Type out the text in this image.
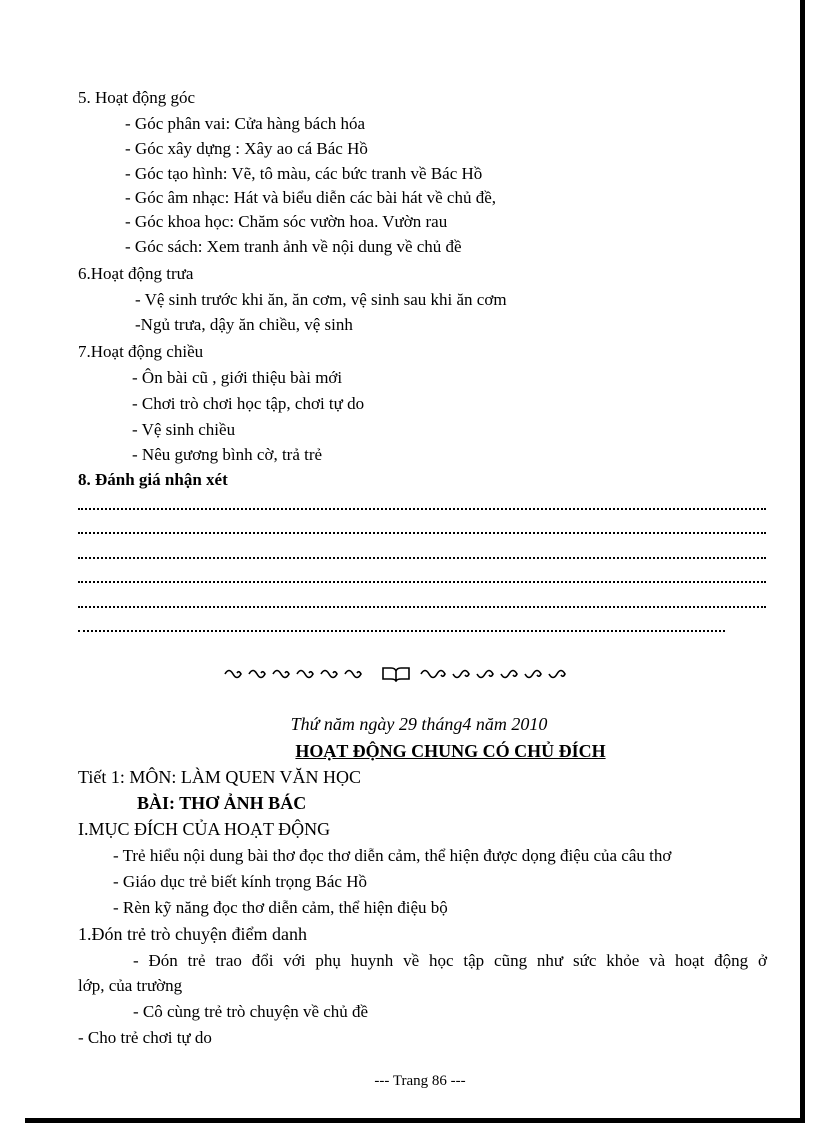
5. Hoạt động góc
- Góc phân vai: Cửa hàng bách hóa
- Góc xây dựng : Xây ao cá Bác Hồ
- Góc tạo hình: Vẽ, tô màu, các bức tranh về Bác Hồ
- Góc âm nhạc: Hát và biểu diễn các bài hát về chủ đề,
- Góc khoa học: Chăm sóc vườn hoa. Vườn rau
- Góc sách: Xem tranh ảnh về nội dung về chủ đề
6.Hoạt động trưa
- Vệ sinh trước khi ăn, ăn cơm, vệ sinh sau khi ăn cơm
-Ngủ trưa, dậy ăn chiều, vệ sinh
7.Hoạt động chiều
- Ôn bài cũ , giới thiệu bài mới
- Chơi trò chơi học tập, chơi tự do
- Vệ sinh chiều
- Nêu gương bình cờ, trả trẻ
8. Đánh giá nhận xét
Thứ năm ngày 29 tháng4 năm 2010
HOẠT ĐỘNG CHUNG CÓ CHỦ ĐÍCH
Tiết 1: MÔN: LÀM QUEN VĂN HỌC
BÀI: THƠ ẢNH BÁC
I.MỤC ĐÍCH CỦA HOẠT ĐỘNG
- Trẻ hiểu nội dung bài thơ đọc thơ diễn cảm, thể hiện được dọng điệu của câu thơ
- Giáo dục trẻ biết kính trọng Bác Hồ
- Rèn kỹ năng đọc thơ diễn cảm, thể hiện điệu bộ
1.Đón trẻ trò chuyện điểm danh
- Đón trẻ trao đổi với phụ huynh về học tập cũng như sức khỏe và hoạt động ở
lớp, của trường
- Cô cùng trẻ trò chuyện về chủ đề
- Cho trẻ chơi tự do
--- Trang 86 ---
